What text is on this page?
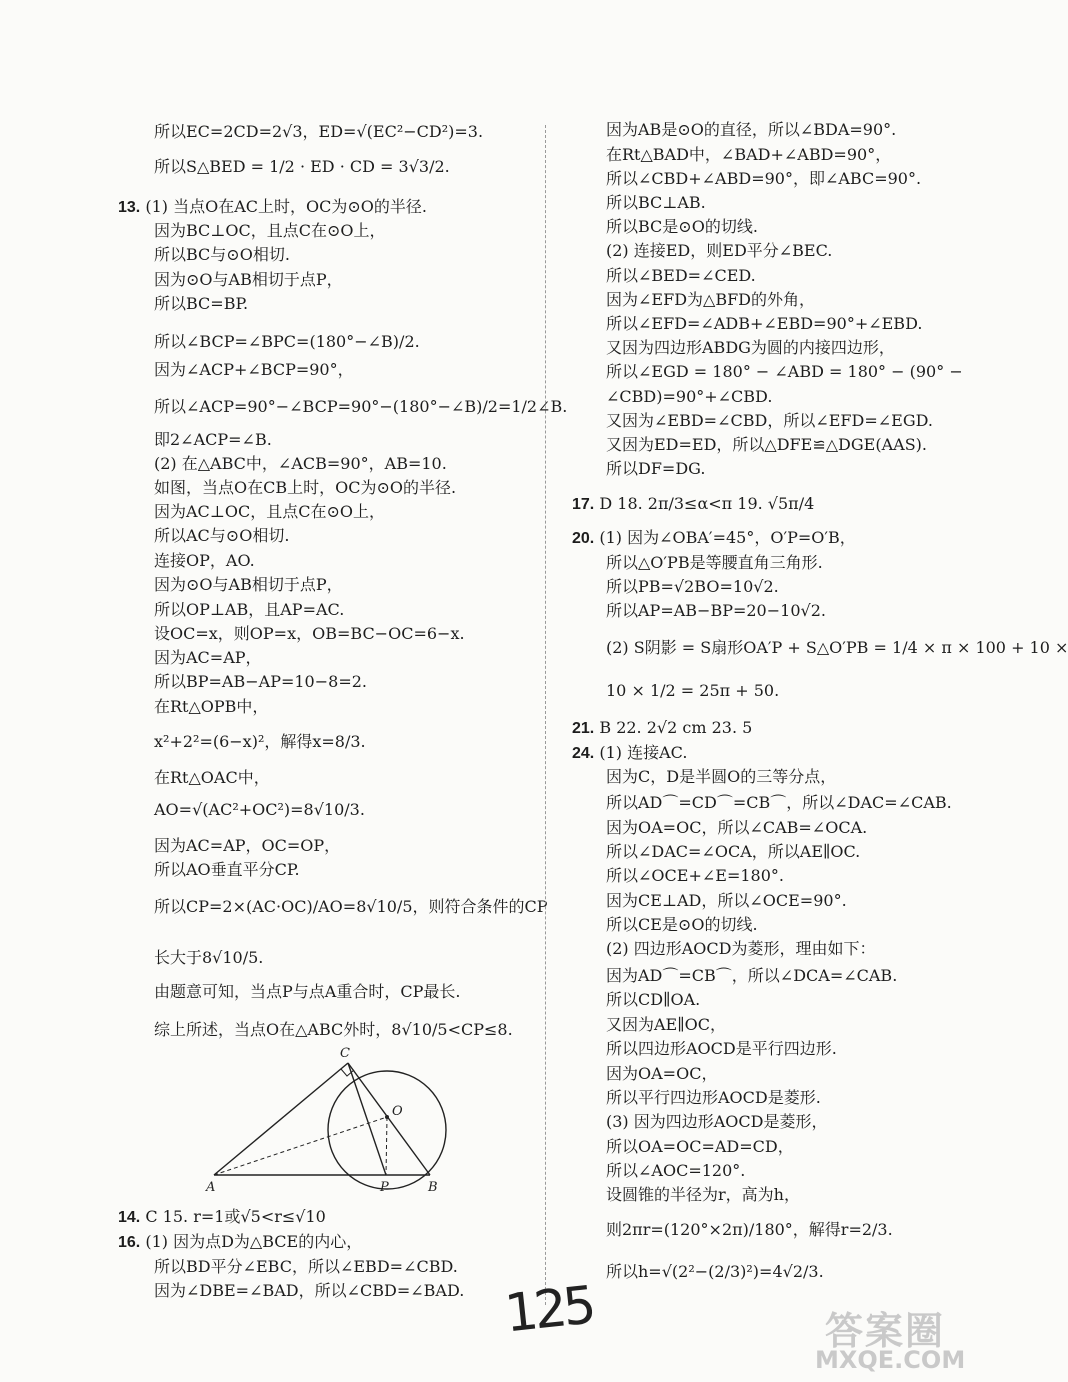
所以EC=2CD=2√3，ED=√(EC²−CD²)=3.
所以S△BED = 1/2 · ED · CD = 3√3/2.
13. (1) 当点O在AC上时，OC为⊙O的半径.
因为BC⊥OC，且点C在⊙O上，
所以BC与⊙O相切.
因为⊙O与AB相切于点P，
所以BC=BP.
所以∠BCP=∠BPC=(180°−∠B)/2.
因为∠ACP+∠BCP=90°，
所以∠ACP=90°−∠BCP=90°−(180°−∠B)/2=1/2∠B.
即2∠ACP=∠B.
(2) 在△ABC中，∠ACB=90°，AB=10.
如图，当点O在CB上时，OC为⊙O的半径.
因为AC⊥OC，且点C在⊙O上，
所以AC与⊙O相切.
连接OP，AO.
因为⊙O与AB相切于点P，
所以OP⊥AB，且AP=AC.
设OC=x，则OP=x，OB=BC−OC=6−x.
因为AC=AP，
所以BP=AB−AP=10−8=2.
在Rt△OPB中，
x²+2²=(6−x)²，解得x=8/3.
在Rt△OAC中，
AO=√(AC²+OC²)=8√10/3.
因为AC=AP，OC=OP，
所以AO垂直平分CP.
所以CP=2×(AC·OC)/AO=8√10/5，则符合条件的CP
长大于8√10/5.
由题意可知，当点P与点A重合时，CP最长.
综上所述，当点O在△ABC外时，8√10/5<CP≤8.
14. C 15. r=1或√5<r≤√10
16. (1) 因为点D为△BCE的内心，
所以BD平分∠EBC，所以∠EBD=∠CBD.
因为∠DBE=∠BAD，所以∠CBD=∠BAD.
因为AB是⊙O的直径，所以∠BDA=90°.
在Rt△BAD中，∠BAD+∠ABD=90°，
所以∠CBD+∠ABD=90°，即∠ABC=90°.
所以BC⊥AB.
所以BC是⊙O的切线.
(2) 连接ED，则ED平分∠BEC.
所以∠BED=∠CED.
因为∠EFD为△BFD的外角，
所以∠EFD=∠ADB+∠EBD=90°+∠EBD.
又因为四边形ABDG为圆的内接四边形，
所以∠EGD = 180° − ∠ABD = 180° − (90° −
∠CBD)=90°+∠CBD.
又因为∠EBD=∠CBD，所以∠EFD=∠EGD.
又因为ED=ED，所以△DFE≌△DGE(AAS).
所以DF=DG.
17. D 18. 2π/3≤α<π 19. √5π/4
20. (1) 因为∠OBA′=45°，O′P=O′B，
所以△O′PB是等腰直角三角形.
所以PB=√2BO=10√2.
所以AP=AB−BP=20−10√2.
(2) S阴影 = S扇形OA′P + S△O′PB = 1/4 × π × 100 + 10 ×
10 × 1/2 = 25π + 50.
21. B 22. 2√2 cm 23. 5
24. (1) 连接AC.
因为C，D是半圆O的三等分点，
所以AD⌒=CD⌒=CB⌒，所以∠DAC=∠CAB.
因为OA=OC，所以∠CAB=∠OCA.
所以∠DAC=∠OCA，所以AE∥OC.
所以∠OCE+∠E=180°.
因为CE⊥AD，所以∠OCE=90°.
所以CE是⊙O的切线.
(2) 四边形AOCD为菱形，理由如下：
因为AD⌒=CB⌒，所以∠DCA=∠CAB.
所以CD∥OA.
又因为AE∥OC，
所以四边形AOCD是平行四边形.
因为OA=OC，
所以平行四边形AOCD是菱形.
(3) 因为四边形AOCD是菱形，
所以OA=OC=AD=CD，
所以∠AOC=120°.
设圆锥的半径为r，高为h，
则2πr=(120°×2π)/180°，解得r=2/3.
所以h=√(2²−(2/3)²)=4√2/3.
A	B
C
O
P
125	答案圈
MXQE.COM
